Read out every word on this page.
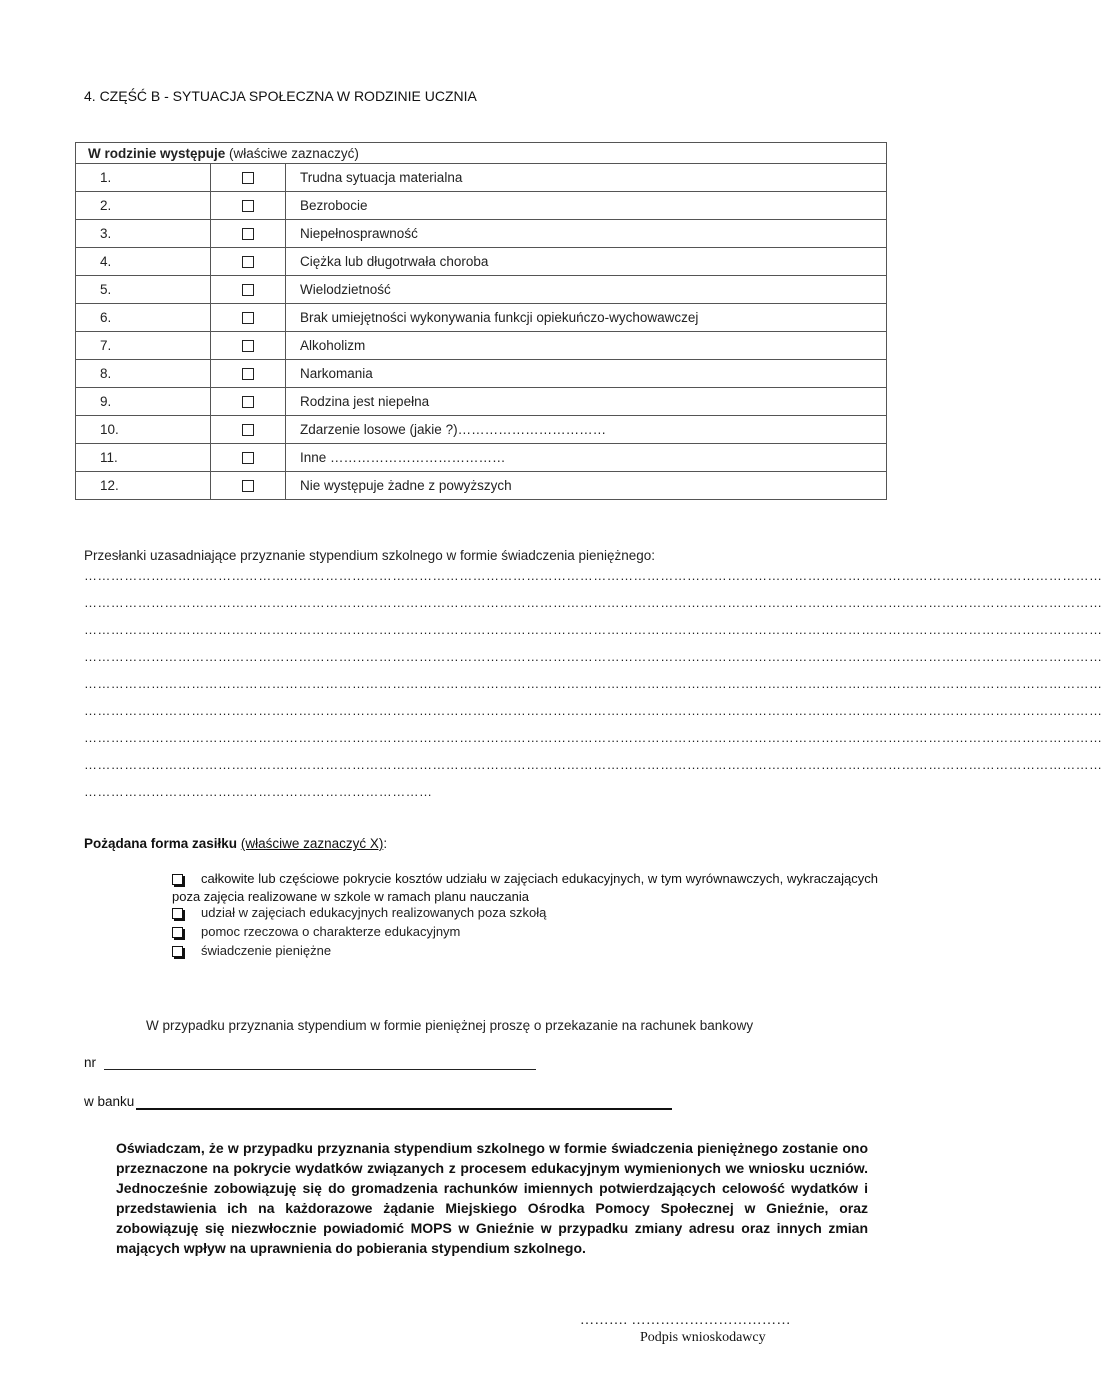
4. CZĘŚĆ B - SYTUACJA SPOŁECZNA W RODZINIE UCZNIA
W rodzinie występuje (właściwe zaznaczyć)		
1.		Trudna sytuacja materialna
2.		Bezrobocie
3.		Niepełnosprawność
4.		Ciężka lub długotrwała choroba
5.		Wielodzietność
6.		Brak umiejętności wykonywania funkcji opiekuńczo-wychowawczej
7.		Alkoholizm
8.		Narkomania
9.		Rodzina jest niepełna
10.		Zdarzenie losowe (jakie ?)……………………………
11.		Inne …………………………………
12.		Nie występuje żadne z powyższych
Przesłanki uzasadniające przyznanie stypendium szkolnego w formie świadczenia pieniężnego:
…………………………………………………………………………………………………………………………………………………………………………………………………………
…………………………………………………………………………………………………………………………………………………………………………………………………………
…………………………………………………………………………………………………………………………………………………………………………………………………………
…………………………………………………………………………………………………………………………………………………………………………………………………………
…………………………………………………………………………………………………………………………………………………………………………………………………………
…………………………………………………………………………………………………………………………………………………………………………………………………………
…………………………………………………………………………………………………………………………………………………………………………………………………………
…………………………………………………………………………………………………………………………………………………………………………………………………………
……………………………………………………………………
Pożądana forma zasiłku (właściwe zaznaczyć X):
całkowite lub częściowe pokrycie kosztów udziału w zajęciach edukacyjnych, w tym wyrównawczych, wykraczających poza zajęcia realizowane w szkole w ramach planu nauczania
udział w zajęciach edukacyjnych realizowanych poza szkołą
pomoc rzeczowa o charakterze edukacyjnym
świadczenie pieniężne
W przypadku przyznania stypendium w formie pieniężnej proszę o przekazanie na rachunek bankowy
nr
w banku
Oświadczam, że w przypadku przyznania stypendium szkolnego w formie świadczenia pieniężnego zostanie ono przeznaczone na pokrycie wydatków związanych z procesem edukacyjnym wymienionych we wniosku uczniów. Jednocześnie zobowiązuję się do gromadzenia rachunków imiennych potwierdzających celowość wydatków i przedstawienia ich na każdorazowe żądanie Miejskiego Ośrodka Pomocy Społecznej w Gnieźnie, oraz zobowiązuję się niezwłocznie powiadomić MOPS w Gnieźnie w przypadku zmiany adresu oraz innych zmian mających wpływ na uprawnienia do pobierania stypendium szkolnego.
………. ……………………………
Podpis wnioskodawcy
